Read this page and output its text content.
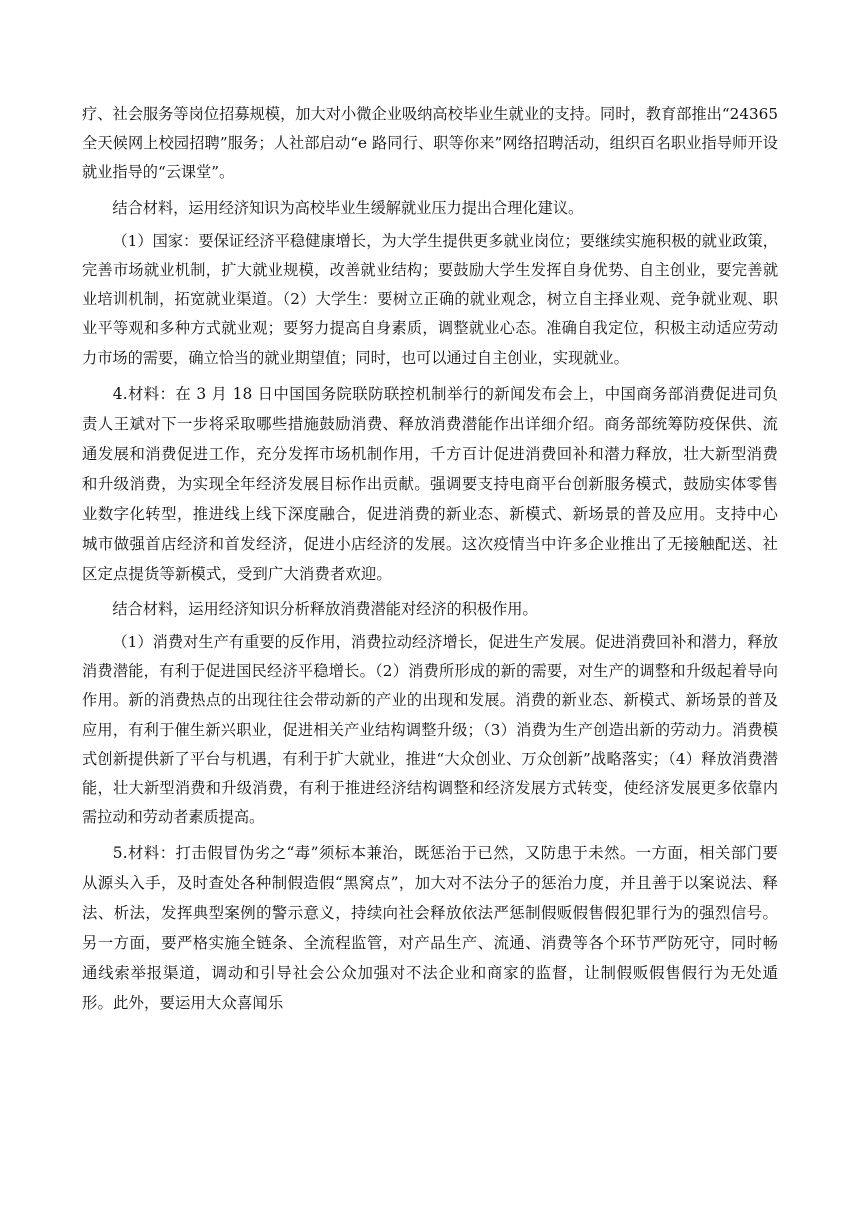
疗、社会服务等岗位招募规模，加大对小微企业吸纳高校毕业生就业的支持。同时，教育部推出“24365 全天候网上校园招聘”服务；人社部启动“e 路同行、职等你来”网络招聘活动，组织百名职业指导师开设就业指导的“云课堂”。

结合材料，运用经济知识为高校毕业生缓解就业压力提出合理化建议。

（1）国家：要保证经济平稳健康增长，为大学生提供更多就业岗位；要继续实施积极的就业政策，完善市场就业机制，扩大就业规模，改善就业结构；要鼓励大学生发挥自身优势、自主创业，要完善就业培训机制，拓宽就业渠道。（2）大学生：要树立正确的就业观念，树立自主择业观、竞争就业观、职业平等观和多种方式就业观；要努力提高自身素质，调整就业心态。准确自我定位，积极主动适应劳动力市场的需要，确立恰当的就业期望值；同时，也可以通过自主创业，实现就业。

4.材料：在 3 月 18 日中国国务院联防联控机制举行的新闻发布会上，中国商务部消费促进司负责人王斌对下一步将采取哪些措施鼓励消费、释放消费潜能作出详细介绍。商务部统筹防疫保供、流通发展和消费促进工作，充分发挥市场机制作用，千方百计促进消费回补和潜力释放，壮大新型消费和升级消费，为实现全年经济发展目标作出贡献。强调要支持电商平台创新服务模式，鼓励实体零售业数字化转型，推进线上线下深度融合，促进消费的新业态、新模式、新场景的普及应用。支持中心城市做强首店经济和首发经济，促进小店经济的发展。这次疫情当中许多企业推出了无接触配送、社区定点提货等新模式，受到广大消费者欢迎。

结合材料，运用经济知识分析释放消费潜能对经济的积极作用。

（1）消费对生产有重要的反作用，消费拉动经济增长，促进生产发展。促进消费回补和潜力，释放消费潜能，有利于促进国民经济平稳增长。（2）消费所形成的新的需要，对生产的调整和升级起着导向作用。新的消费热点的出现往往会带动新的产业的出现和发展。消费的新业态、新模式、新场景的普及应用，有利于催生新兴职业，促进相关产业结构调整升级；（3）消费为生产创造出新的劳动力。消费模式创新提供新了平台与机遇，有利于扩大就业，推进“大众创业、万众创新”战略落实；（4）释放消费潜能，壮大新型消费和升级消费，有利于推进经济结构调整和经济发展方式转变，使经济发展更多依靠内需拉动和劳动者素质提高。

5.材料：打击假冒伪劣之“毒”须标本兼治，既惩治于已然，又防患于未然。一方面，相关部门要从源头入手，及时查处各种制假造假“黑窝点”，加大对不法分子的惩治力度，并且善于以案说法、释法、析法，发挥典型案例的警示意义，持续向社会释放依法严惩制假贩假售假犯罪行为的强烈信号。另一方面，要严格实施全链条、全流程监管，对产品生产、流通、消费等各个环节严防死守，同时畅通线索举报渠道，调动和引导社会公众加强对不法企业和商家的监督，让制假贩假售假行为无处遁形。此外，要运用大众喜闻乐
